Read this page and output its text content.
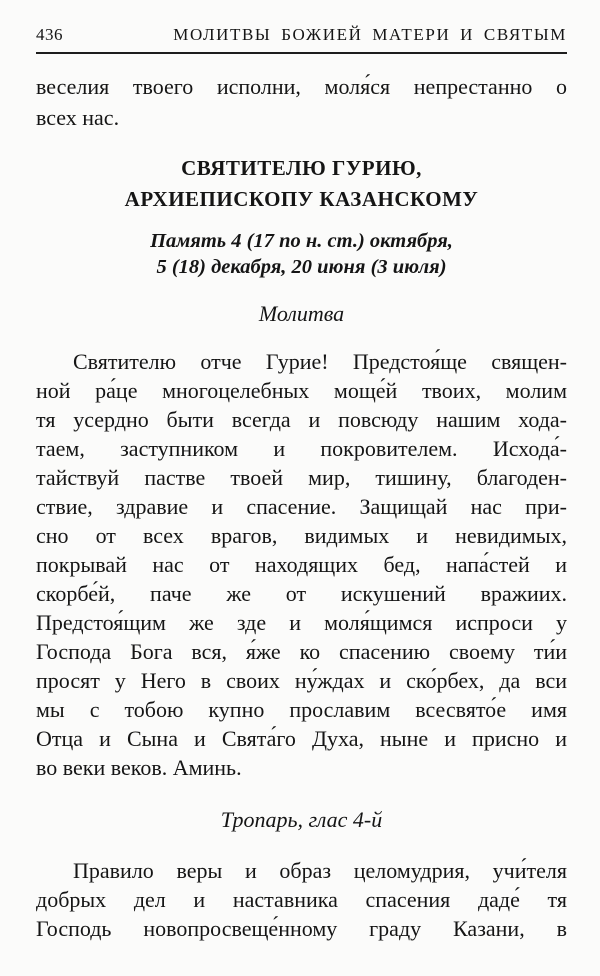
436	МОЛИТВЫ БОЖИЕЙ МАТЕРИ И СВЯТЫМ
веселия твоего исполни, моля́ся непрестанно о
всех нас.
СВЯТИТЕЛЮ ГУРИЮ,
АРХИЕПИСКОПУ КАЗАНСКОМУ
Память 4 (17 по н. ст.) октября,
5 (18) декабря, 20 июня (3 июля)
Молитва
Святителю отче Гурие! Предстоя́ще священ-
ной ра́це многоцелебных моще́й твоих, молим
тя усердно быти всегда и повсюду нашим хода-
таем, заступником и покровителем. Исхода́-
тайствуй пастве твоей мир, тишину, благоден-
ствие, здравие и спасение. Защищай нас при-
сно от всех врагов, видимых и невидимых,
покрывай нас от находящих бед, напа́стей и
скорбе́й, паче же от искушений вражиих.
Предстоя́щим же зде и моля́щимся испроси у
Господа Бога вся, я́же ко спасению своему ти́и
просят у Него в своих ну́ждах и ско́рбех, да вси
мы с тобою купно прославим всесвято́е имя
Отца и Сына и Свята́го Духа, ныне и присно и
во веки веков. Аминь.
Тропарь, глас 4-й
Правило веры и образ целомудрия, учи́теля
добрых дел и наставника спасения даде́ тя
Господь новопросвеще́нному граду Казани, в
